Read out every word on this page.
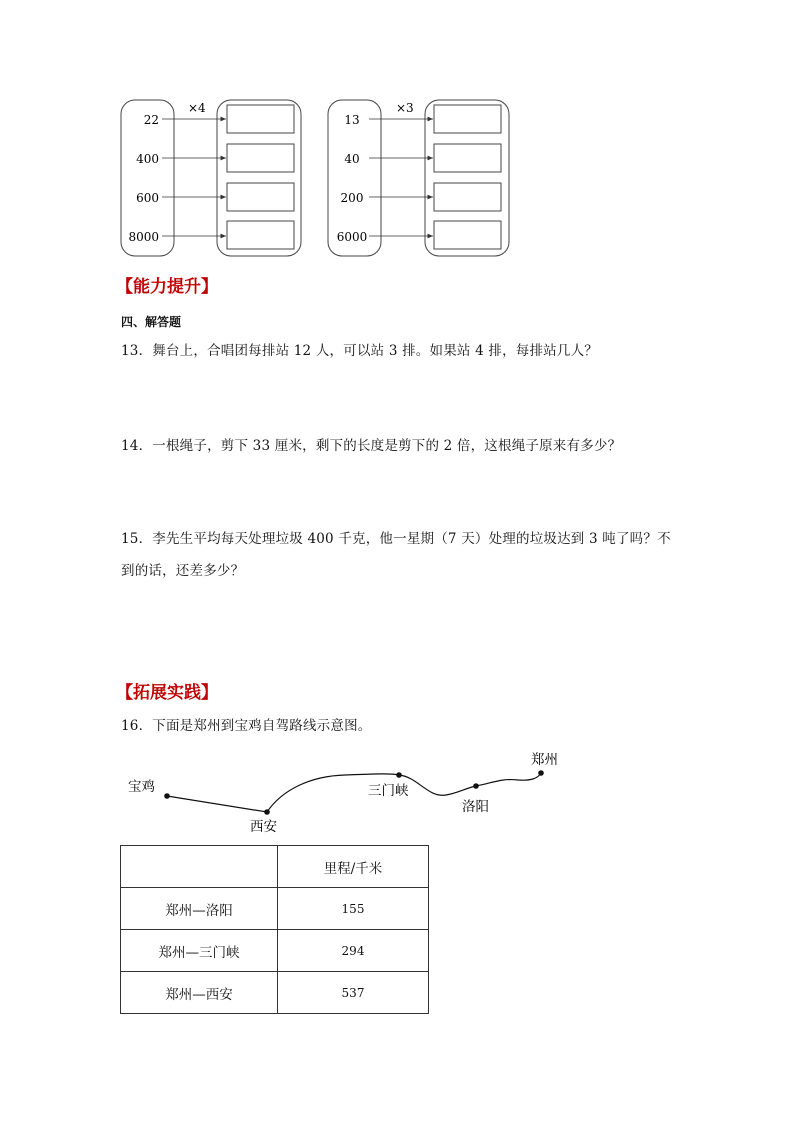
×4
22
400
600
8000
×3
13
40
200
6000
【能力提升】
四、解答题
13．舞台上，合唱团每排站 12 人，可以站 3 排。如果站 4 排，每排站几人？
14．一根绳子，剪下 33 厘米，剩下的长度是剪下的 2 倍，这根绳子原来有多少？
15．李先生平均每天处理垃圾 400 千克，他一星期（7 天）处理的垃圾达到 3 吨了吗？不
到的话，还差多少？
【拓展实践】
16．下面是郑州到宝鸡自驾路线示意图。
宝鸡
西安
三门峡
洛阳
郑州
	里程/千米
郑州—洛阳	155
郑州—三门峡	294
郑州—西安	537
